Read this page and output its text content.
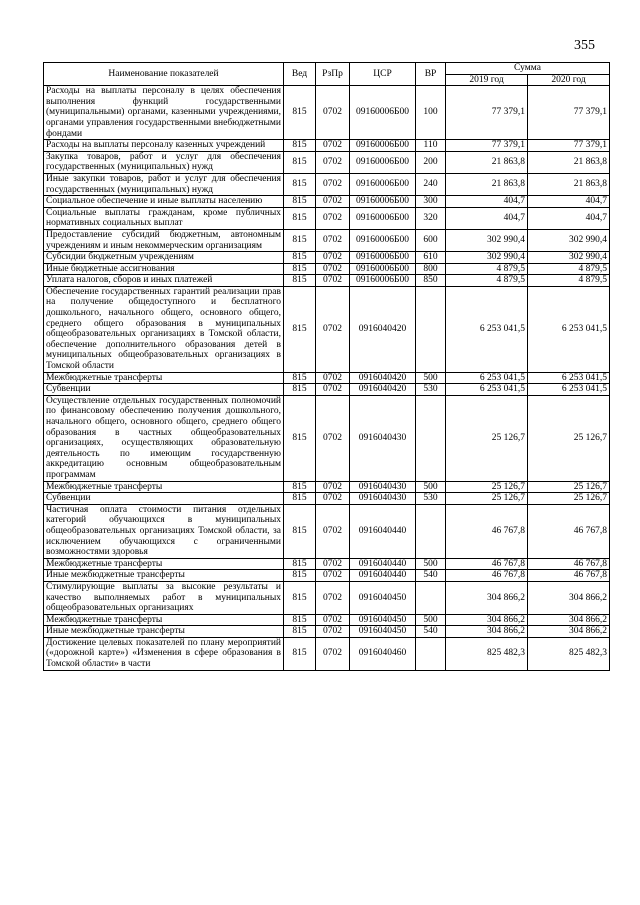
355
Наименование показателей	Вед	РзПр	ЦСР	ВР	Сумма	
					2019 год	2020 год
Расходы на выплаты персоналу в целях обеспечения выполнения функций государственными (муниципальными) органами, казенными учреждениями, органами управления государственными внебюджетными фондами	815	0702	09160006Б00	100	77 379,1	77 379,1
Расходы на выплаты персоналу казенных учреждений	815	0702	09160006Б00	110	77 379,1	77 379,1
Закупка товаров, работ и услуг для обеспечения государственных (муниципальных) нужд	815	0702	09160006Б00	200	21 863,8	21 863,8
Иные закупки товаров, работ и услуг для обеспечения государственных (муниципальных) нужд	815	0702	09160006Б00	240	21 863,8	21 863,8
Социальное обеспечение и иные выплаты населению	815	0702	09160006Б00	300	404,7	404,7
Социальные выплаты гражданам, кроме публичных нормативных социальных выплат	815	0702	09160006Б00	320	404,7	404,7
Предоставление субсидий бюджетным, автономным учреждениям и иным некоммерческим организациям	815	0702	09160006Б00	600	302 990,4	302 990,4
Субсидии бюджетным учреждениям	815	0702	09160006Б00	610	302 990,4	302 990,4
Иные бюджетные ассигнования	815	0702	09160006Б00	800	4 879,5	4 879,5
Уплата налогов, сборов и иных платежей	815	0702	09160006Б00	850	4 879,5	4 879,5
Обеспечение государственных гарантий реализации прав на получение общедоступного и бесплатного дошкольного, начального общего, основного общего, среднего общего образования в муниципальных общеобразовательных организациях в Томской области, обеспечение дополнительного образования детей в муниципальных общеобразовательных организациях в Томской области	815	0702	0916040420		6 253 041,5	6 253 041,5
Межбюджетные трансферты	815	0702	0916040420	500	6 253 041,5	6 253 041,5
Субвенции	815	0702	0916040420	530	6 253 041,5	6 253 041,5
Осуществление отдельных государственных полномочий по финансовому обеспечению получения дошкольного, начального общего, основного общего, среднего общего образования в частных общеобразовательных организациях, осуществляющих образовательную деятельность по имеющим государственную аккредитацию основным общеобразовательным программам	815	0702	0916040430		25 126,7	25 126,7
Межбюджетные трансферты	815	0702	0916040430	500	25 126,7	25 126,7
Субвенции	815	0702	0916040430	530	25 126,7	25 126,7
Частичная оплата стоимости питания отдельных категорий обучающихся в муниципальных общеобразовательных организациях Томской области, за исключением обучающихся с ограниченными возможностями здоровья	815	0702	0916040440		46 767,8	46 767,8
Межбюджетные трансферты	815	0702	0916040440	500	46 767,8	46 767,8
Иные межбюджетные трансферты	815	0702	0916040440	540	46 767,8	46 767,8
Стимулирующие выплаты за высокие результаты и качество выполняемых работ в муниципальных общеобразовательных организациях	815	0702	0916040450		304 866,2	304 866,2
Межбюджетные трансферты	815	0702	0916040450	500	304 866,2	304 866,2
Иные межбюджетные трансферты	815	0702	0916040450	540	304 866,2	304 866,2
Достижение целевых показателей по плану мероприятий («дорожной карте») «Изменения в сфере образования в Томской области» в части	815	0702	0916040460		825 482,3	825 482,3
